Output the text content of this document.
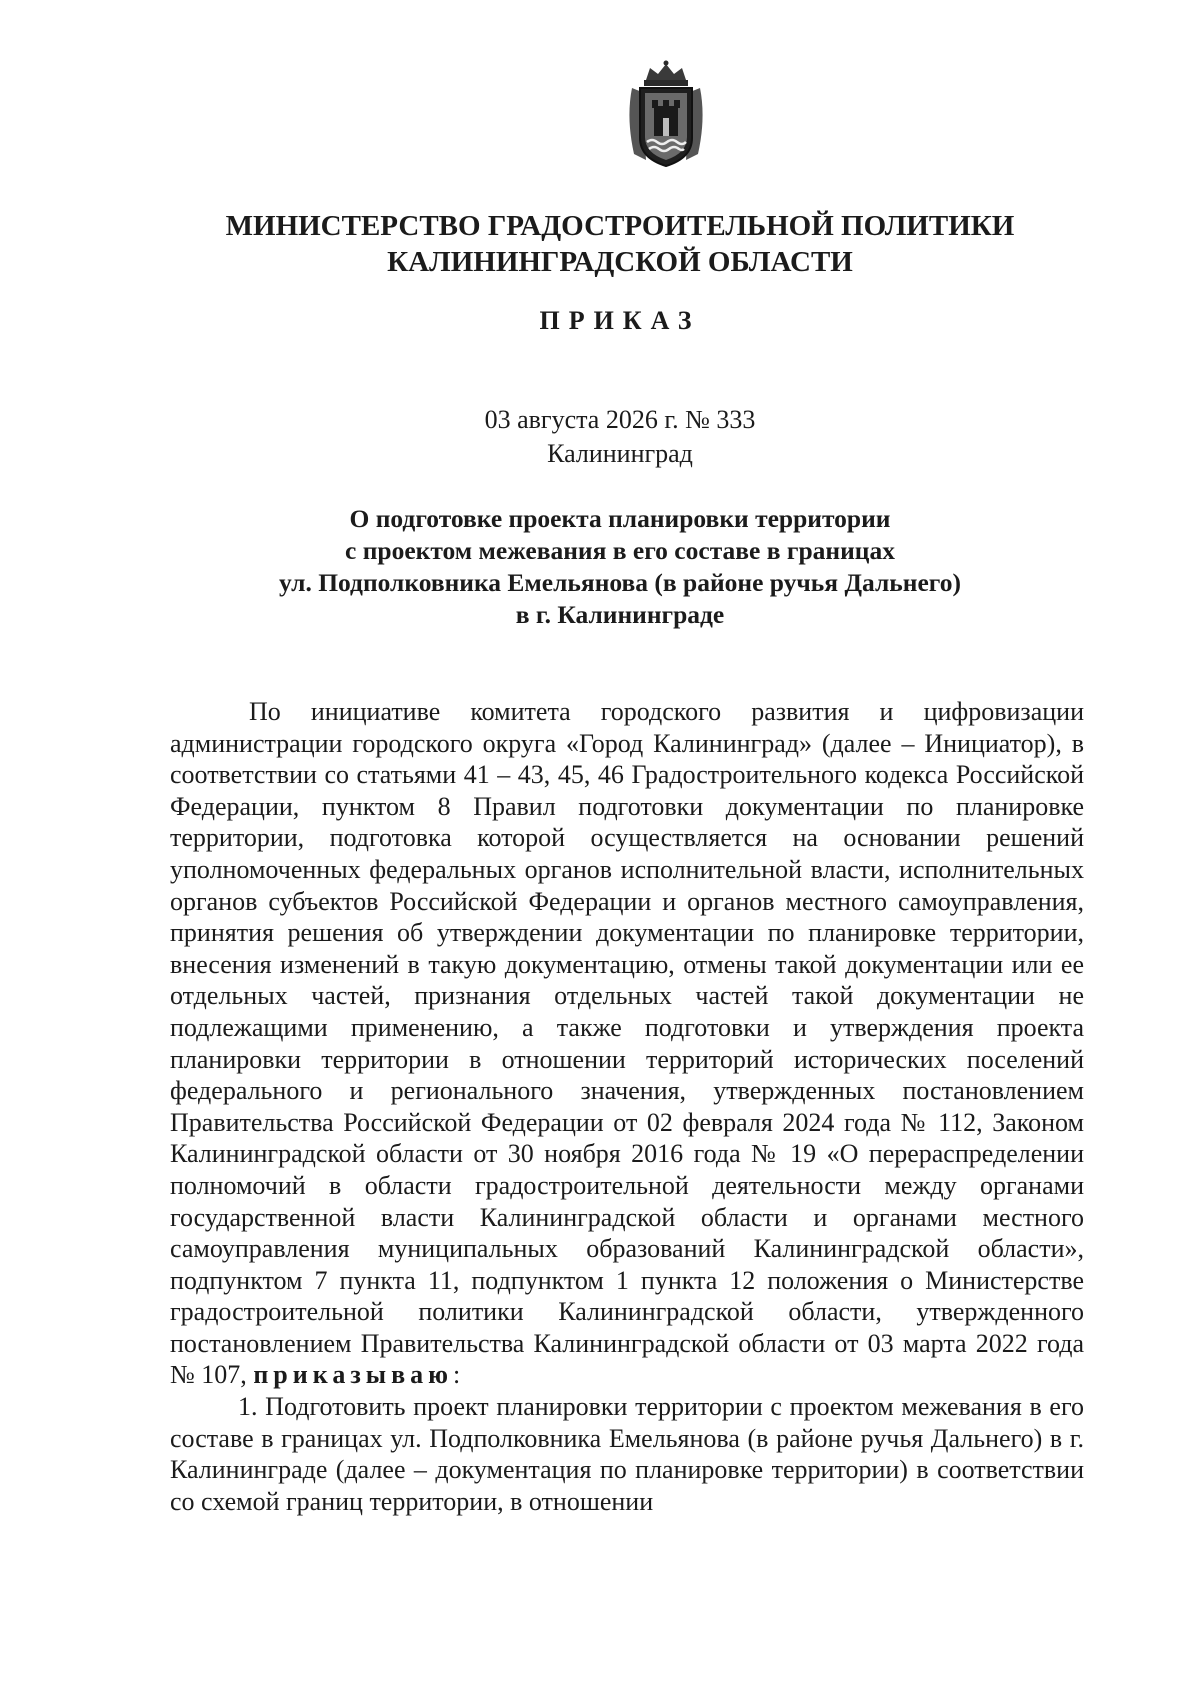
МИНИСТЕРСТВО ГРАДОСТРОИТЕЛЬНОЙ ПОЛИТИКИ
КАЛИНИНГРАДСКОЙ ОБЛАСТИ
ПРИКАЗ
03 августа 2026 г. № 333
Калининград
О подготовке проекта планировки территории
с проектом межевания в его составе в границах
ул. Подполковника Емельянова (в районе ручья Дальнего)
в г. Калининграде

По инициативе комитета городского развития и цифровизации администрации городского округа «Город Калининград» (далее – Инициатор), в соответствии со статьями 41 – 43, 45, 46 Градостроительного кодекса Российской Федерации, пунктом 8 Правил подготовки документации по планировке территории, подготовка которой осуществляется на основании решений уполномоченных федеральных органов исполнительной власти, исполнительных органов субъектов Российской Федерации и органов местного самоуправления, принятия решения об утверждении документации по планировке территории, внесения изменений в такую документацию, отмены такой документации или ее отдельных частей, признания отдельных частей такой документации не подлежащими применению, а также подготовки и утверждения проекта планировки территории в отношении территорий исторических поселений федерального и регионального значения, утвержденных постановлением Правительства Российской Федерации от 02 февраля 2024 года № 112, Законом Калининградской области от 30 ноября 2016 года № 19 «О перераспределении полномочий в области градостроительной деятельности между органами государственной власти Калининградской области и органами местного самоуправления муниципальных образований Калининградской области», подпунктом 7 пункта 11, подпунктом 1 пункта 12 положения о Министерстве градостроительной политики Калининградской области, утвержденного постановлением Правительства Калининградской области от 03 марта 2022 года № 107, приказываю:

1. Подготовить проект планировки территории с проектом межевания в его составе в границах ул. Подполковника Емельянова (в районе ручья Дальнего) в г. Калининграде (далее – документация по планировке территории) в соответствии со схемой границ территории, в отношении
